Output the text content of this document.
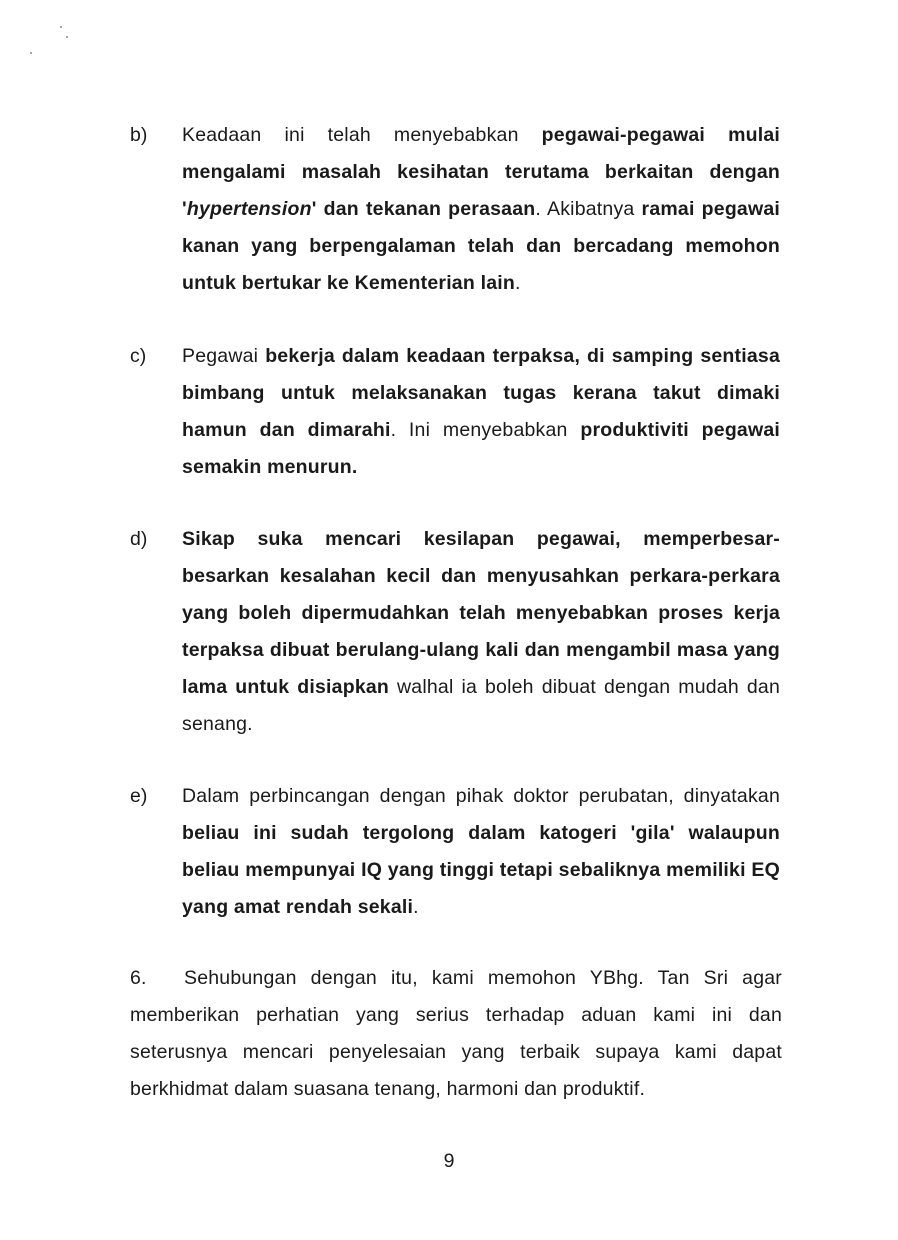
b) Keadaan ini telah menyebabkan pegawai-pegawai mulai mengalami masalah kesihatan terutama berkaitan dengan 'hypertension' dan tekanan perasaan. Akibatnya ramai pegawai kanan yang berpengalaman telah dan bercadang memohon untuk bertukar ke Kementerian lain.
c) Pegawai bekerja dalam keadaan terpaksa, di samping sentiasa bimbang untuk melaksanakan tugas kerana takut dimaki hamun dan dimarahi. Ini menyebabkan produktiviti pegawai semakin menurun.
d) Sikap suka mencari kesilapan pegawai, memperbesar-besarkan kesalahan kecil dan menyusahkan perkara-perkara yang boleh dipermudahkan telah menyebabkan proses kerja terpaksa dibuat berulang-ulang kali dan mengambil masa yang lama untuk disiapkan walhal ia boleh dibuat dengan mudah dan senang.
e) Dalam perbincangan dengan pihak doktor perubatan, dinyatakan beliau ini sudah tergolong dalam katogeri 'gila' walaupun beliau mempunyai IQ yang tinggi tetapi sebaliknya memiliki EQ yang amat rendah sekali.
6. Sehubungan dengan itu, kami memohon YBhg. Tan Sri agar memberikan perhatian yang serius terhadap aduan kami ini dan seterusnya mencari penyelesaian yang terbaik supaya kami dapat berkhidmat dalam suasana tenang, harmoni dan produktif.
9
